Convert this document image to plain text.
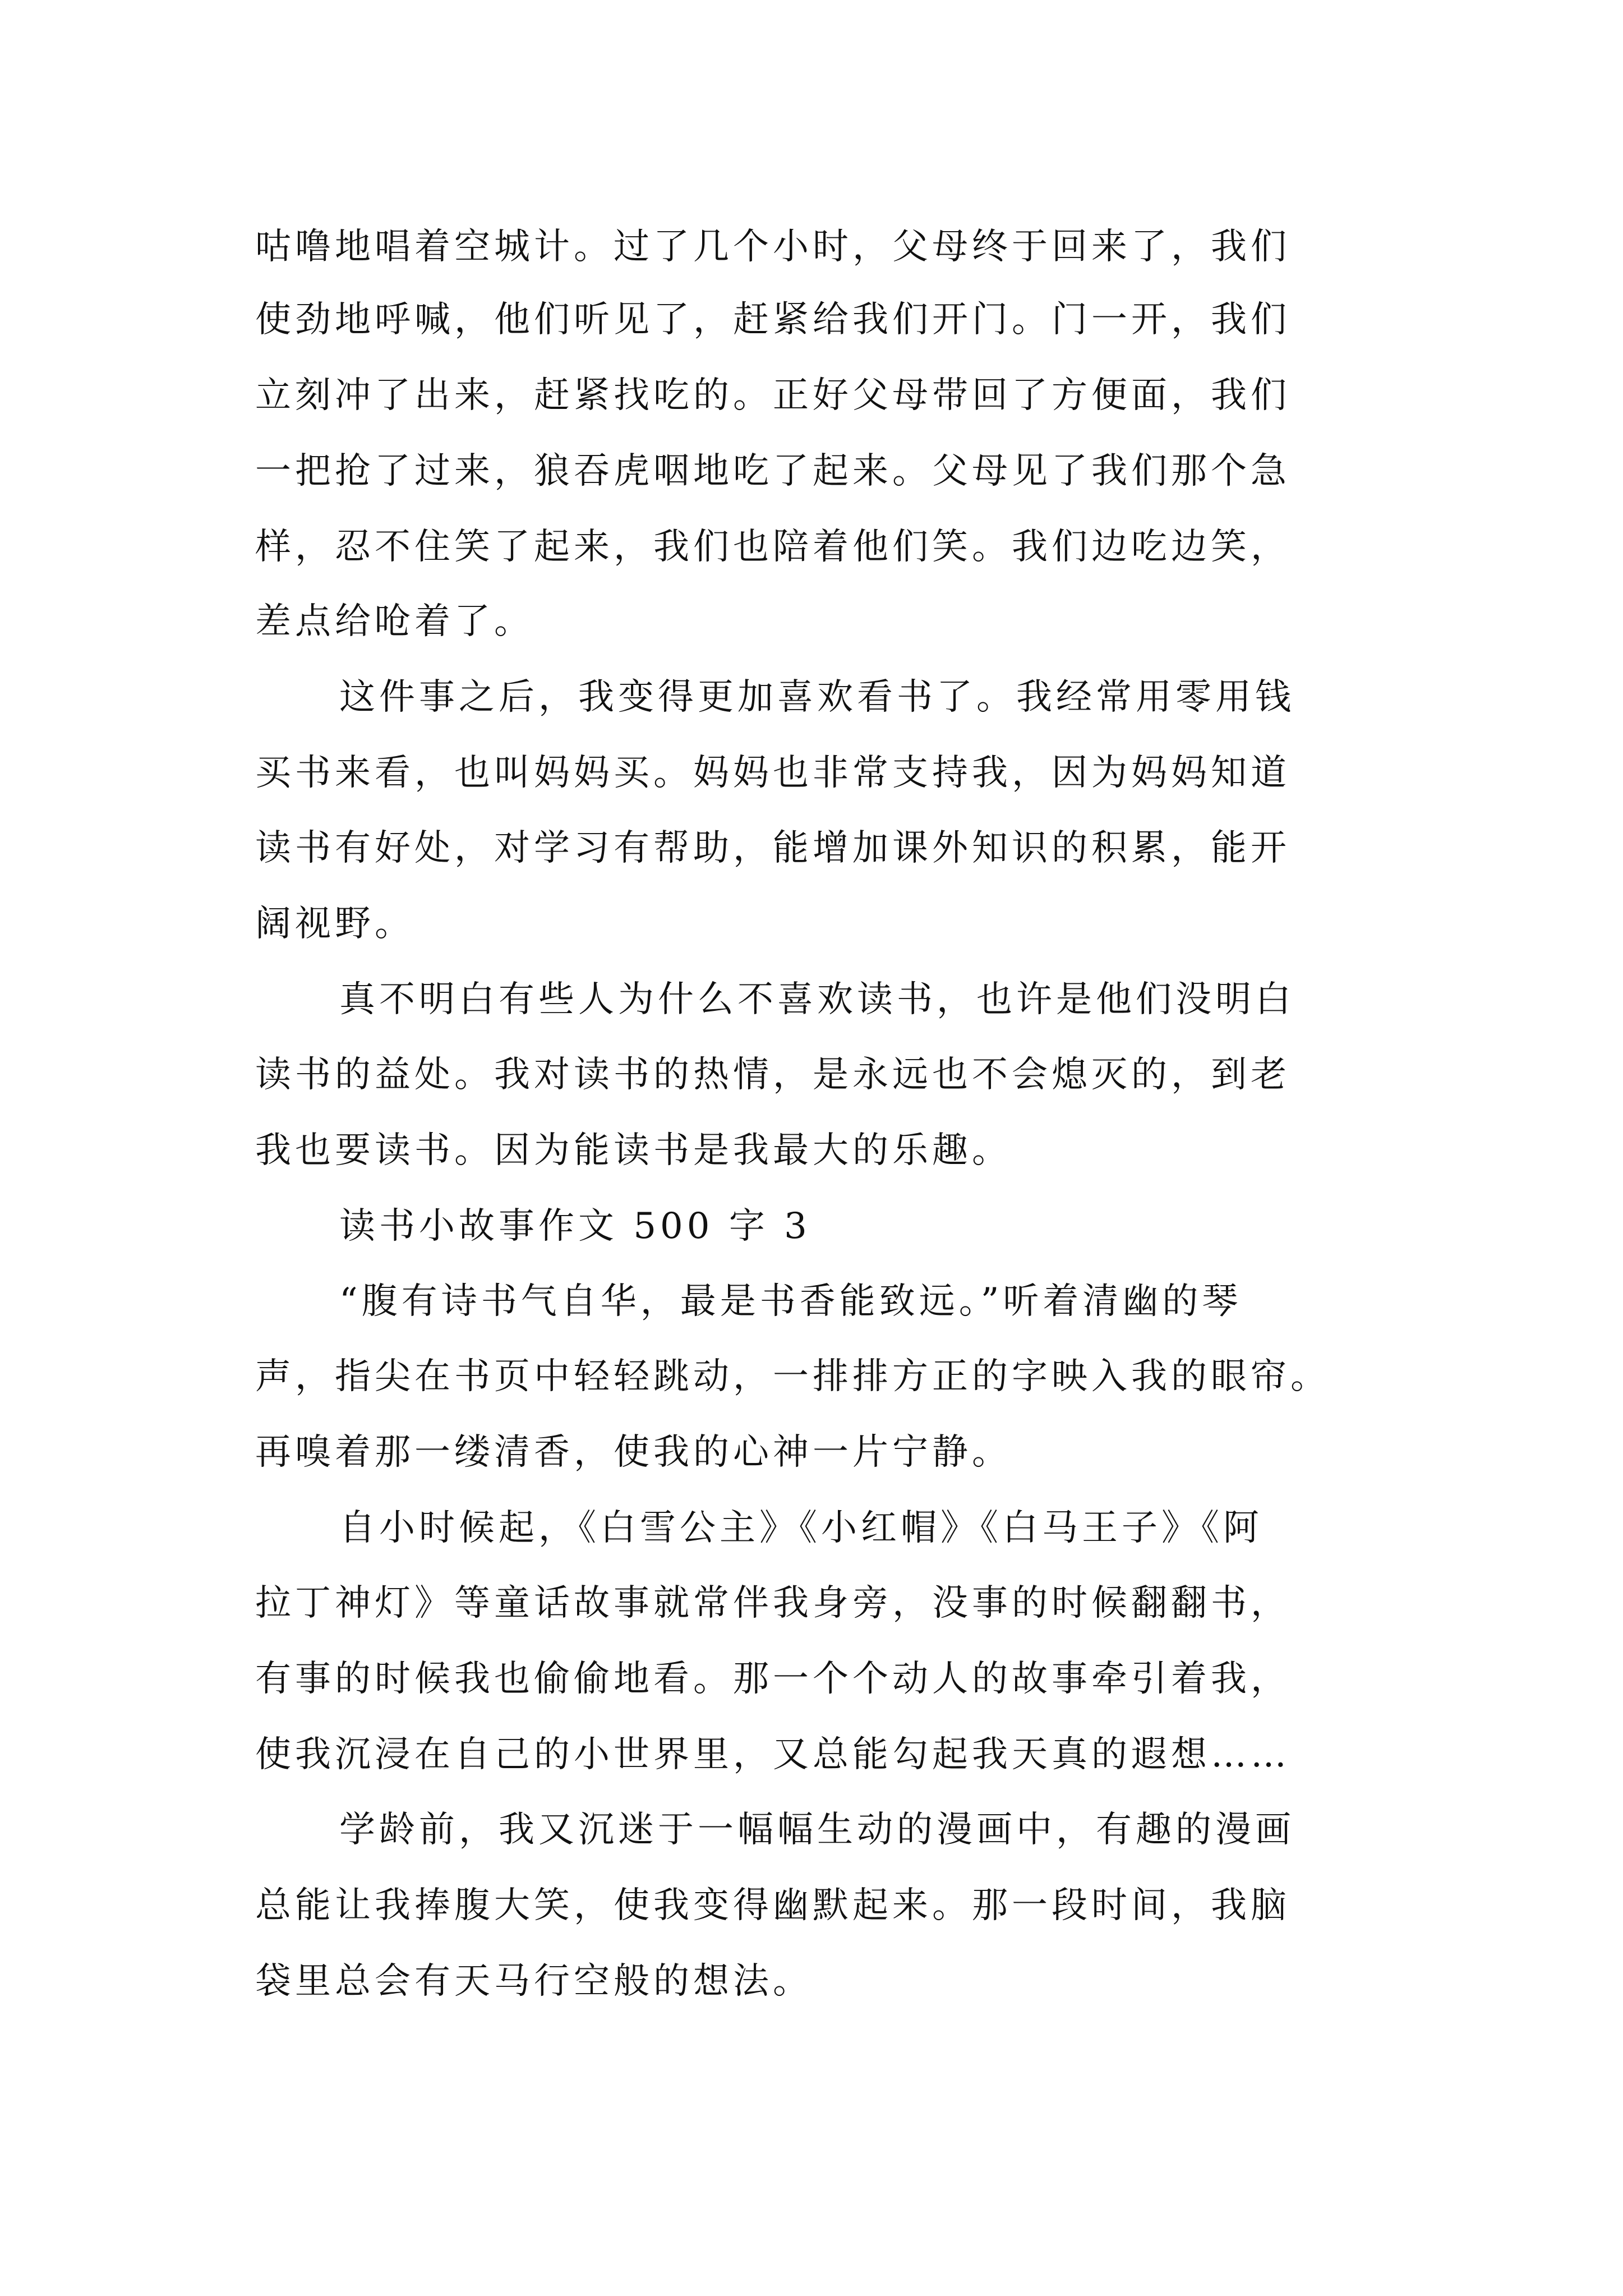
咕噜地唱着空城计。过了几个小时，父母终于回来了，我们
使劲地呼喊，他们听见了，赶紧给我们开门。门一开，我们
立刻冲了出来，赶紧找吃的。正好父母带回了方便面，我们
一把抢了过来，狼吞虎咽地吃了起来。父母见了我们那个急
样，忍不住笑了起来，我们也陪着他们笑。我们边吃边笑，
差点给呛着了。
这件事之后，我变得更加喜欢看书了。我经常用零用钱
买书来看，也叫妈妈买。妈妈也非常支持我，因为妈妈知道
读书有好处，对学习有帮助，能增加课外知识的积累，能开
阔视野。
真不明白有些人为什么不喜欢读书，也许是他们没明白
读书的益处。我对读书的热情，是永远也不会熄灭的，到老
我也要读书。因为能读书是我最大的乐趣。
读书小故事作文 500 字 3
“腹有诗书气自华，最是书香能致远。”听着清幽的琴
声，指尖在书页中轻轻跳动，一排排方正的字映入我的眼帘。
再嗅着那一缕清香，使我的心神一片宁静。
自小时候起，《白雪公主》《小红帽》《白马王子》《阿
拉丁神灯》等童话故事就常伴我身旁，没事的时候翻翻书，
有事的时候我也偷偷地看。那一个个动人的故事牵引着我，
使我沉浸在自己的小世界里，又总能勾起我天真的遐想……
学龄前，我又沉迷于一幅幅生动的漫画中，有趣的漫画
总能让我捧腹大笑，使我变得幽默起来。那一段时间，我脑
袋里总会有天马行空般的想法。
